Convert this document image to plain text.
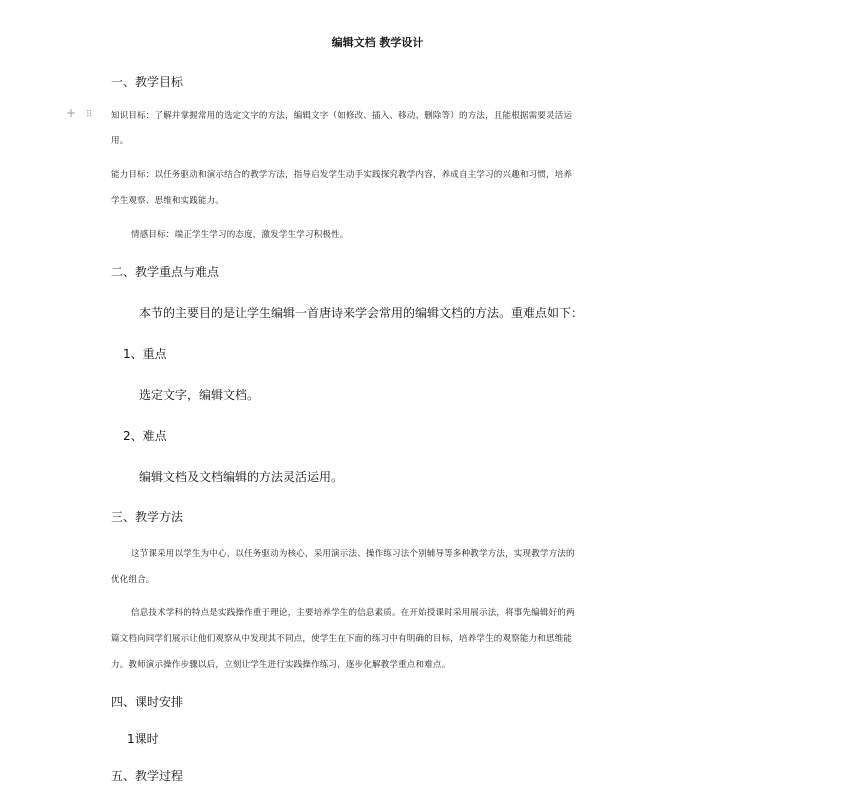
+ ⠿
编辑文档 教学设计
一、教学目标
知识目标：了解并掌握常用的选定文字的方法，编辑文字（如修改、插入、移动、删除等）的方法，且能根据需要灵活运
用。
能力目标：以任务驱动和演示结合的教学方法，指导启发学生动手实践探究教学内容，养成自主学习的兴趣和习惯，培养
学生观察、思维和实践能力。
情感目标：端正学生学习的态度，激发学生学习积极性。
二、教学重点与难点
本节的主要目的是让学生编辑一首唐诗来学会常用的编辑文档的方法。重难点如下：
1、重点
选定文字，编辑文档。
2、难点
编辑文档及文档编辑的方法灵活运用。
三、教学方法
这节课采用以学生为中心，以任务驱动为核心，采用演示法、操作练习法个别辅导等多种教学方法，实现教学方法的
优化组合。
信息技术学科的特点是实践操作重于理论，主要培养学生的信息素质。在开始授课时采用展示法，将事先编辑好的两
篇文档向同学们展示让他们观察从中发现其不同点，使学生在下面的练习中有明确的目标，培养学生的观察能力和思维能
力。教师演示操作步骤以后，立刻让学生进行实践操作练习，逐步化解教学重点和难点。
四、课时安排
1课时
五、教学过程
